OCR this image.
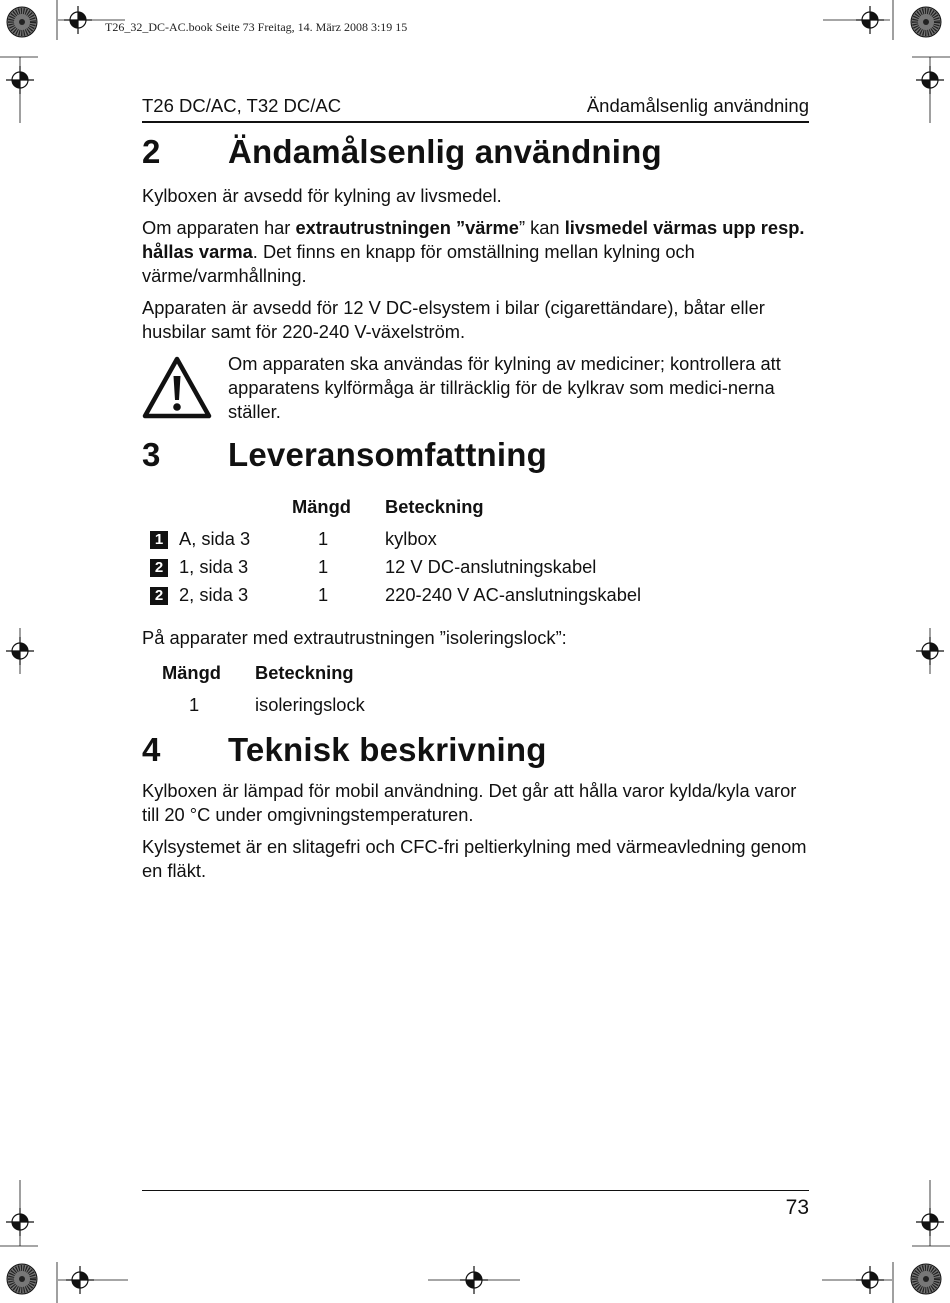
T26_32_DC-AC.book Seite 73 Freitag, 14. März 2008 3:19 15
T26 DC/AC, T32 DC/AC	Ändamålsenlig användning
2 Ändamålsenlig användning
Kylboxen är avsedd för kylning av livsmedel.
Om apparaten har extrautrustningen ”värme” kan livsmedel värmas upp resp. hållas varma. Det finns en knapp för omställning mellan kylning och värme/varmhållning.
Apparaten är avsedd för 12 V DC-elsystem i bilar (cigarettändare), båtar eller husbilar samt för 220-240 V-växelström.
Om apparaten ska användas för kylning av mediciner; kontrollera att apparatens kylförmåga är tillräcklig för de kylkrav som medici-nerna ställer.
3 Leveransomfattning
Mängd Beteckning
1 A, sida 3	1	kylbox
2 1, sida 3	1	12 V DC-anslutningskabel
2 2, sida 3	1	220-240 V AC-anslutningskabel
På apparater med extrautrustningen ”isoleringslock”:
Mängd Beteckning
1	isoleringslock
4 Teknisk beskrivning
Kylboxen är lämpad för mobil användning. Det går att hålla varor kylda/kyla varor till 20 °C under omgivningstemperaturen.
Kylsystemet är en slitagefri och CFC-fri peltierkylning med värmeavledning genom en fläkt.
73
